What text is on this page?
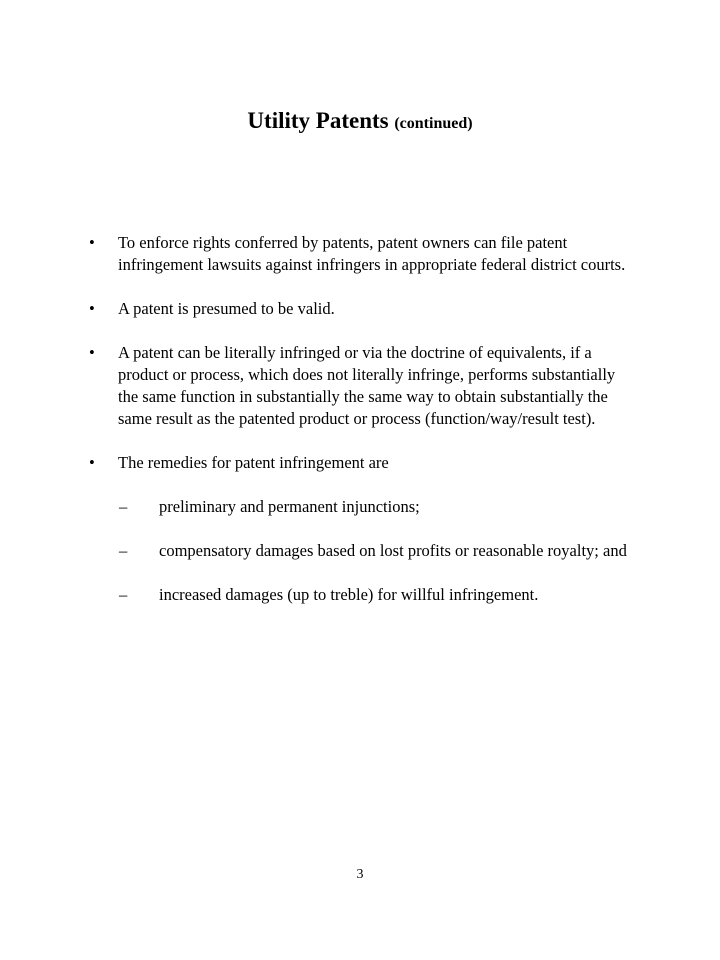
Utility Patents (continued)
• To enforce rights conferred by patents, patent owners can file patent infringement lawsuits against infringers in appropriate federal district courts.
• A patent is presumed to be valid.
• A patent can be literally infringed or via the doctrine of equivalents, if a product or process, which does not literally infringe, performs substantially the same function in substantially the same way to obtain substantially the same result as the patented product or process (function/way/result test).
• The remedies for patent infringement are
– preliminary and permanent injunctions;
– compensatory damages based on lost profits or reasonable royalty; and
– increased damages (up to treble) for willful infringement.
3
